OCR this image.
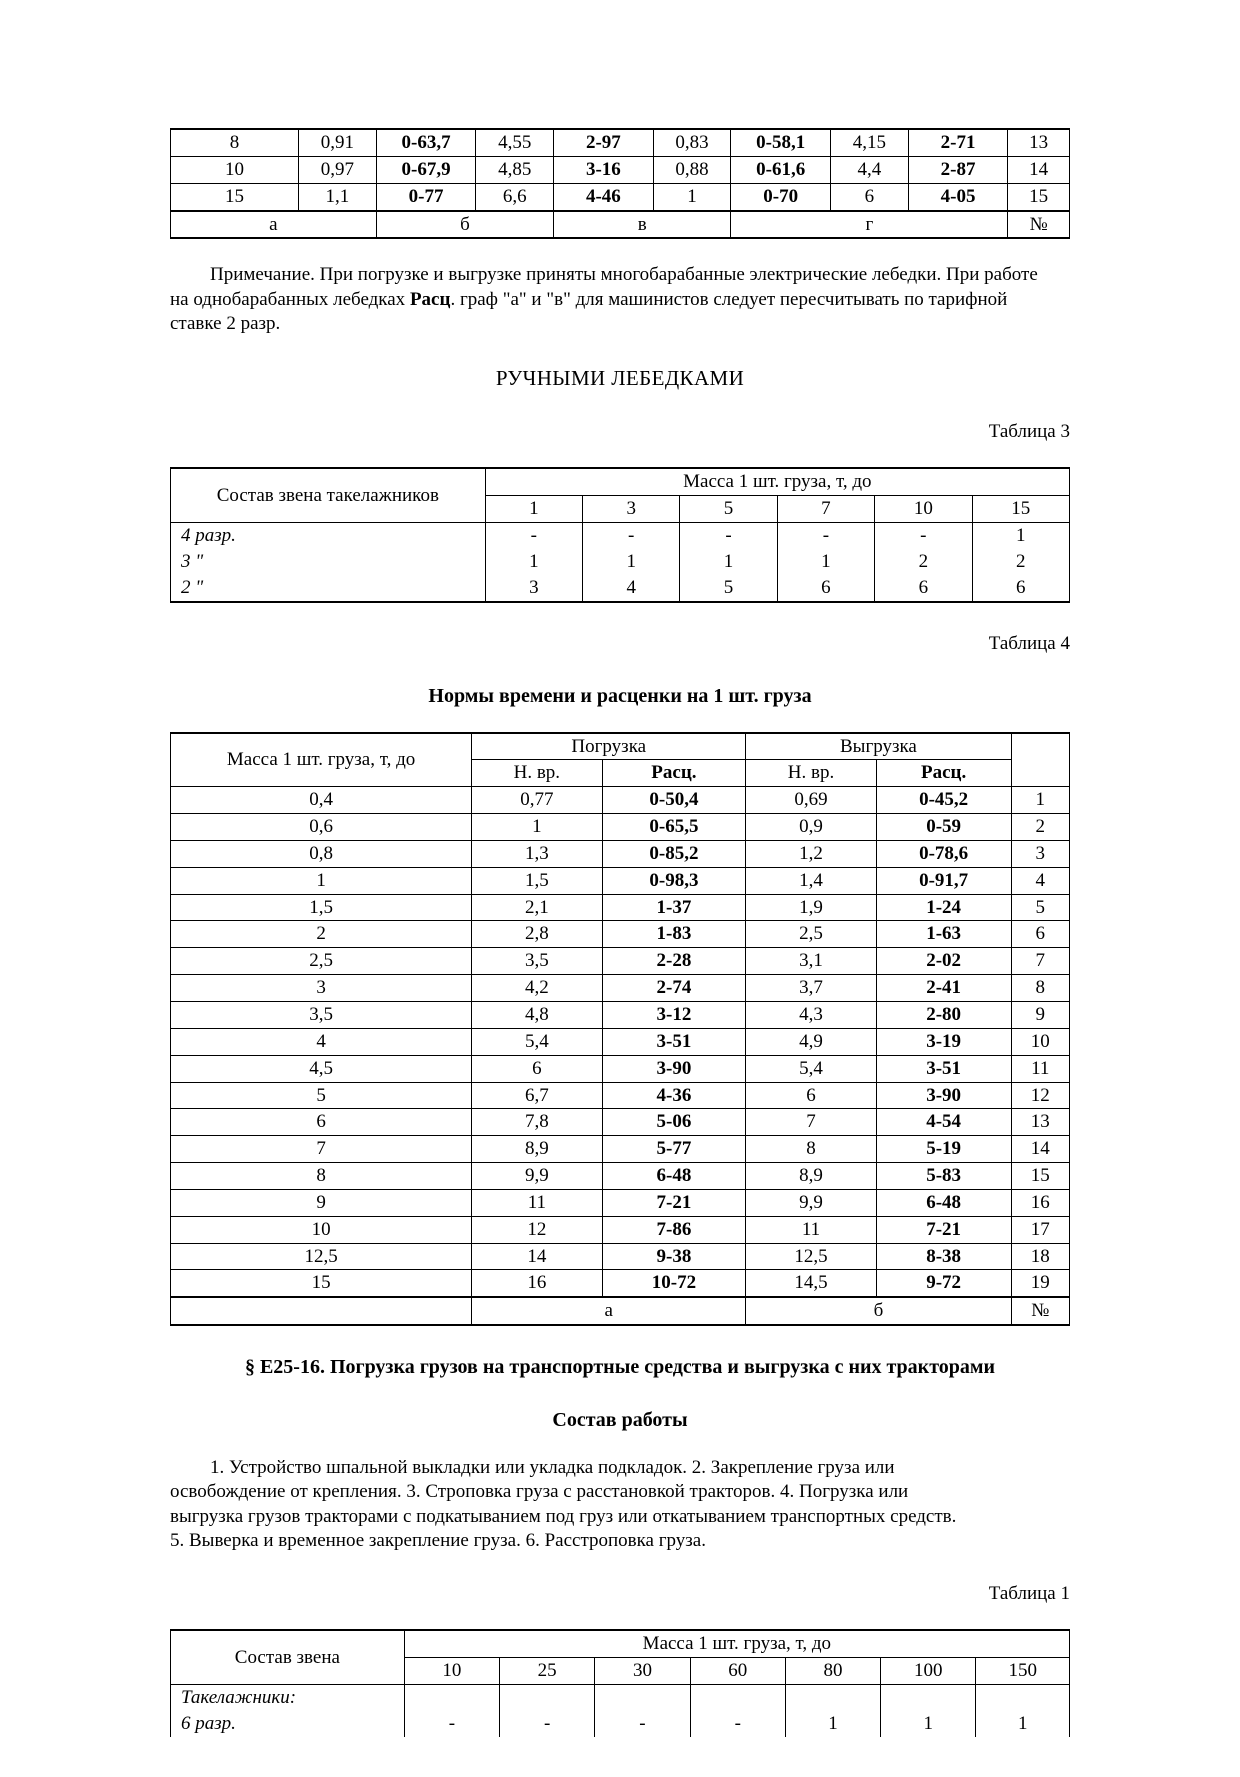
8	0,91	0-63,7	4,55	2-97	0,83	0-58,1	4,15	2-71	13
10	0,97	0-67,9	4,85	3-16	0,88	0-61,6	4,4	2-87	14
15	1,1	0-77	6,6	4-46	1	0-70	6	4-05	15
а		б		в		г			№

Примечание. При погрузке и выгрузке приняты многобарабанные электрические лебедки. При работе

на однобарабанных лебедках Расц. граф "а" и "в" для машинистов следует пересчитывать по тарифной

ставке 2 разр.

РУЧНЫМИ ЛЕБЕДКАМИ

Таблица 3

Состав звена такелажников	Масса 1 шт. груза, т, до					
	1	3	5	7	10	15
4 разр.	-	-	-	-	-	1
3 "	1	1	1	1	2	2
2 "	3	4	5	6	6	6

Таблица 4

Нормы времени и расценки на 1 шт. груза

Масса 1 шт. груза, т, до	Погрузка		Выгрузка		
	Н. вр.	Расц.	Н. вр.	Расц.	
0,4	0,77	0-50,4	0,69	0-45,2	1
0,6	1	0-65,5	0,9	0-59	2
0,8	1,3	0-85,2	1,2	0-78,6	3
1	1,5	0-98,3	1,4	0-91,7	4
1,5	2,1	1-37	1,9	1-24	5
2	2,8	1-83	2,5	1-63	6
2,5	3,5	2-28	3,1	2-02	7
3	4,2	2-74	3,7	2-41	8
3,5	4,8	3-12	4,3	2-80	9
4	5,4	3-51	4,9	3-19	10
4,5	6	3-90	5,4	3-51	11
5	6,7	4-36	6	3-90	12
6	7,8	5-06	7	4-54	13
7	8,9	5-77	8	5-19	14
8	9,9	6-48	8,9	5-83	15
9	11	7-21	9,9	6-48	16
10	12	7-86	11	7-21	17
12,5	14	9-38	12,5	8-38	18
15	16	10-72	14,5	9-72	19
	а		б		№

§ Е25-16. Погрузка грузов на транспортные средства и выгрузка с них тракторами

Состав работы

1. Устройство шпальной выкладки или укладка подкладок. 2. Закрепление груза или

освобождение от крепления. 3. Строповка груза с расстановкой тракторов. 4. Погрузка или

выгрузка грузов тракторами с подкатыванием под груз или откатыванием транспортных средств.

5. Выверка и временное закрепление груза. 6. Расстроповка груза.

Таблица 1

Состав звена	Масса 1 шт. груза, т, до						
	10	25	30	60	80	100	150
Такелажники:							
6 разр.	-	-	-	-	1	1	1
